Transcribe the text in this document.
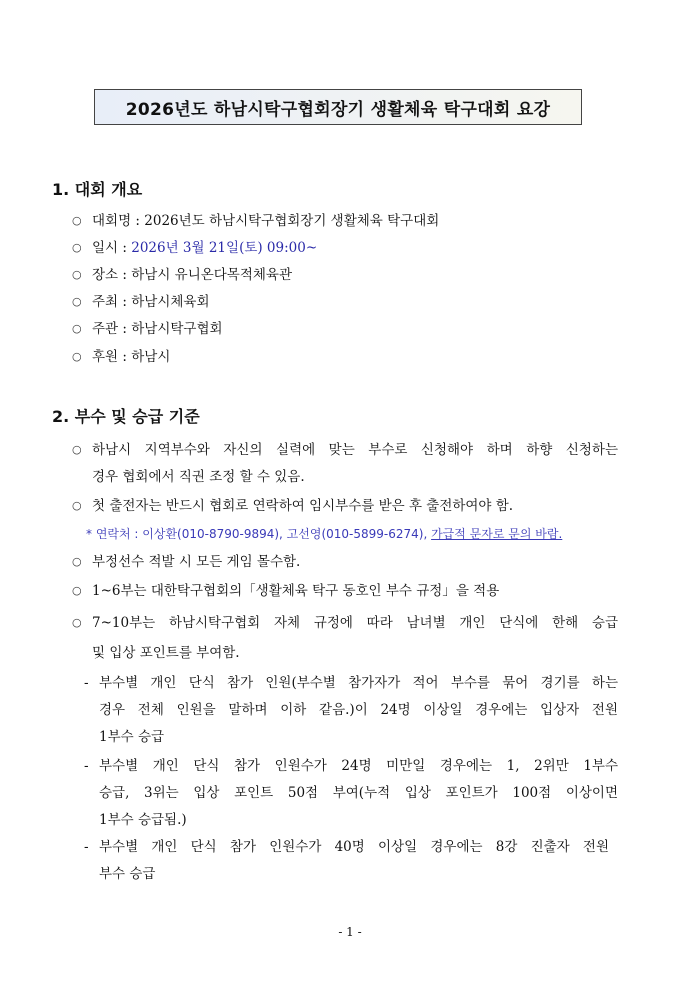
2026년도 하남시탁구협회장기 생활체육 탁구대회 요강
1. 대회 개요
○ 대회명 : 2026년도 하남시탁구협회장기 생활체육 탁구대회
○ 일시 : 2026년 3월 21일(토) 09:00~
○ 장소 : 하남시 유니온다목적체육관
○ 주최 : 하남시체육회
○ 주관 : 하남시탁구협회
○ 후원 : 하남시
2. 부수 및 승급 기준
○ 하남시 지역부수와 자신의 실력에 맞는 부수로 신청해야 하며 하향 신청하는
경우 협회에서 직권 조정 할 수 있음.
○ 첫 출전자는 반드시 협회로 연락하여 임시부수를 받은 후 출전하여야 함.
* 연락처 : 이상환(010-8790-9894), 고선영(010-5899-6274), 가급적 문자로 문의 바람.
○ 부정선수 적발 시 모든 게임 몰수함.
○ 1~6부는 대한탁구협회의「생활체육 탁구 동호인 부수 규정」을 적용
○ 7~10부는 하남시탁구협회 자체 규정에 따라 남녀별 개인 단식에 한해 승급
및 입상 포인트를 부여함.
- 부수별 개인 단식 참가 인원(부수별 참가자가 적어 부수를 묶어 경기를 하는
경우 전체 인원을 말하며 이하 같음.)이 24명 이상일 경우에는 입상자 전원
1부수 승급
- 부수별 개인 단식 참가 인원수가 24명 미만일 경우에는 1, 2위만 1부수
승급, 3위는 입상 포인트 50점 부여(누적 입상 포인트가 100점 이상이면
1부수 승급됨.)
- 부수별 개인 단식 참가 인원수가 40명 이상일 경우에는 8강 진출자 전원
부수 승급
- 1 -
